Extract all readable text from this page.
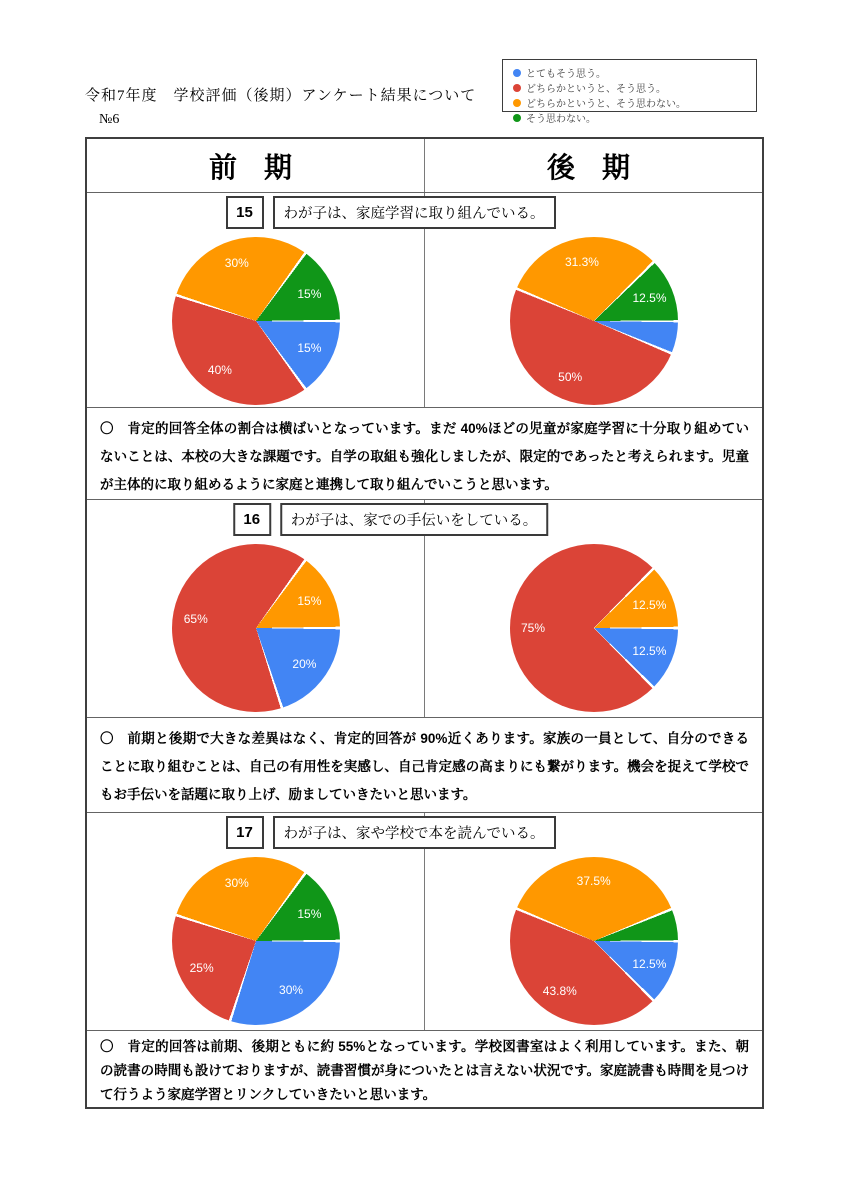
令和7年度　学校評価（後期）アンケート結果について
№6
とてもそう思う。
どちらかというと、そう思う。
どちらかというと、そう思わない。
そう思わない。
前 期	後 期
15	わが子は、家庭学習に取り組んでいる。
15%
40%
30%
15%
50%
31.3%
12.5%
〇　肯定的回答全体の割合は横ばいとなっています。まだ 40%ほどの児童が家庭学習に十分取り組めていないことは、本校の大きな課題です。自学の取組も強化しましたが、限定的であったと考えられます。児童が主体的に取り組めるように家庭と連携して取り組んでいこうと思います。
16	わが子は、家での手伝いをしている。
20%
65%
15%
12.5%
75%
12.5%
〇　前期と後期で大きな差異はなく、肯定的回答が 90%近くあります。家族の一員として、自分のできることに取り組むことは、自己の有用性を実感し、自己肯定感の高まりにも繋がります。機会を捉えて学校でもお手伝いを話題に取り上げ、励ましていきたいと思います。
17	わが子は、家や学校で本を読んでいる。
30%
25%
30%
15%
12.5%
43.8%
37.5%
〇　肯定的回答は前期、後期ともに約 55%となっています。学校図書室はよく利用しています。また、朝の読書の時間も設けておりますが、読書習慣が身についたとは言えない状況です。家庭読書も時間を見つけて行うよう家庭学習とリンクしていきたいと思います。
